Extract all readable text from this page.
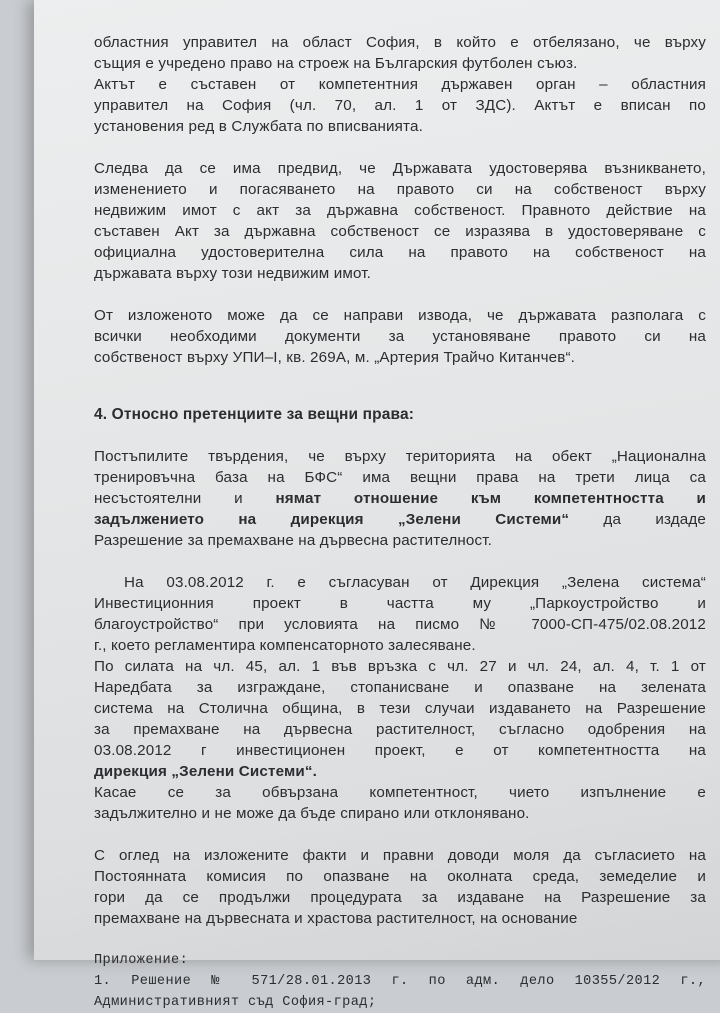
областния управител на област София, в който е отбелязано, че върху

същия е учредено право на строеж на Българския футболен съюз.

Актът е съставен от компетентния държавен орган – областния

управител на София (чл. 70, ал. 1 от ЗДС). Актът е вписан по

установения ред в Службата по вписванията.

Следва да се има предвид, че Държавата удостоверява възникването,

изменението и погасяването на правото си на собственост върху

недвижим имот с акт за държавна собственост. Правното действие на

съставен Акт за държавна собственост се изразява в удостоверяване с

официална удостоверителна сила на правото на собственост на

държавата върху този недвижим имот.

От изложеното може да се направи извода, че държавата разполага с

всички необходими документи за установяване правото си на

собственост върху УПИ–I, кв. 269А, м. „Артерия Трайчо Китанчев“.

4. Относно претенциите за вещни права:

Постъпилите твърдения, че върху територията на обект „Национална

тренировъчна база на БФС“ има вещни права на трети лица са

несъстоятелни и нямат отношение към компетентността и

задължението на дирекция „Зелени Системи“ да издаде

Разрешение за премахване на дървесна растителност.

На 03.08.2012 г. е съгласуван от Дирекция „Зелена система“

Инвестиционния проект в частта му „Паркоустройство и

благоустройство“ при условията на писмо № 7000-СП-475/02.08.2012

г., което регламентира компенсаторното залесяване.

По силата на чл. 45, ал. 1 във връзка с чл. 27 и чл. 24, ал. 4, т. 1 от

Наредбата за изграждане, стопанисване и опазване на зелената

система на Столична община, в тези случаи издаването на Разрешение

за премахване на дървесна растителност, съгласно одобрения на

03.08.2012 г инвестиционен проект, е от компетентността на

дирекция „Зелени Системи“.

Касае се за обвързана компетентност, чието изпълнение е

задължително и не може да бъде спирано или отклонявано.

С оглед на изложените факти и правни доводи моля да съгласието на

Постоянната комисия по опазване на околната среда, земеделие и

гори да се продължи процедурата за издаване на Разрешение за

премахване на дървесната и храстова растителност, на основание

Приложение:

1. Решение № 571/28.01.2013 г. по адм. дело 10355/2012 г.,

Административният съд София-град;
